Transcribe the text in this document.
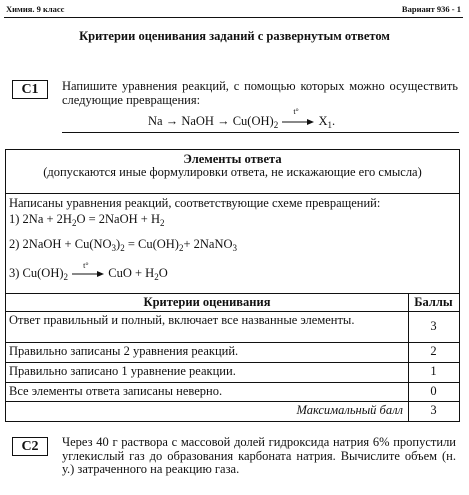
Химия. 9 класс	Вариант 936 - 1
Критерии оценивания заданий с развернутым ответом
C1	Напишите уравнения реакций, с помощью которых можно осуществить следующие превращения:
Na → NaOH → $Cu(OH)_2$
t°
$X_1$.
Элементы ответа
(допускаются иные формулировки ответа, не искажающие его смысла)
Написаны уравнения реакций, соответствующие схеме превращений:
1) $2Na + 2H_2O$ = 2NaOH + $H_2$
2) 2NaOH + $Cu(NO_3)_2 = Cu(OH)_2+$ 2NaNO$_3$
3) $Cu(OH)_2$
t°
CuO + $H_2O$
Критерии оценивания	Баллы
Ответ правильный и полный, включает все названные элементы.	3
Правильно записаны 2 уравнения реакций.	2
Правильно записано 1 уравнение реакции.	1
Все элементы ответа записаны неверно.	0
Максимальный балл	3
C2	Через 40 г раствора с массовой долей гидроксида натрия 6% пропустили углекислый газ до образования карбоната натрия. Вычислите объем (н. у.) затраченного на реакцию газа.
